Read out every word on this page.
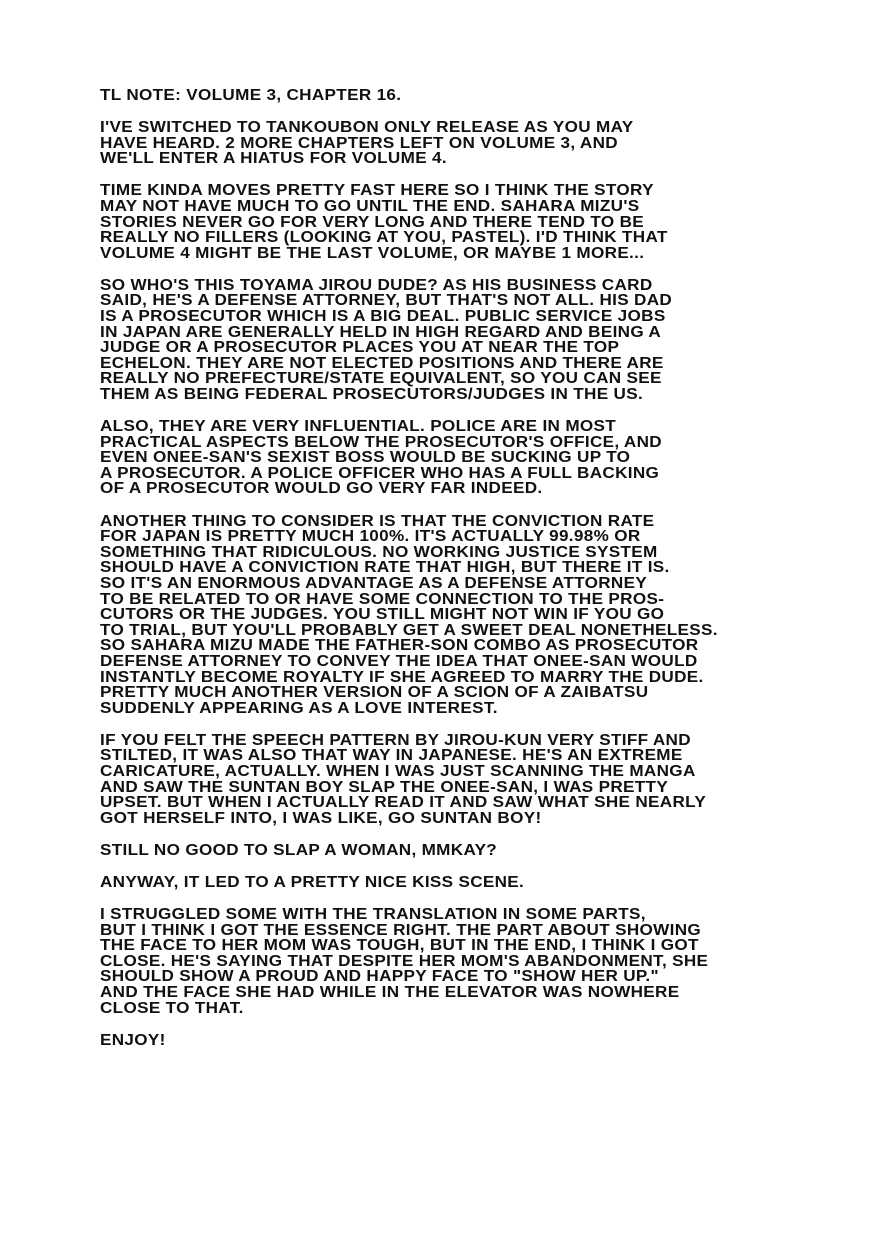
TL NOTE: VOLUME 3, CHAPTER 16.
I'VE SWITCHED TO TANKOUBON ONLY RELEASE AS YOU MAY
HAVE HEARD. 2 MORE CHAPTERS LEFT ON VOLUME 3, AND
WE'LL ENTER A HIATUS FOR VOLUME 4.
TIME KINDA MOVES PRETTY FAST HERE SO I THINK THE STORY
MAY NOT HAVE MUCH TO GO UNTIL THE END. SAHARA MIZU'S
STORIES NEVER GO FOR VERY LONG AND THERE TEND TO BE
REALLY NO FILLERS (LOOKING AT YOU, PASTEL). I'D THINK THAT
VOLUME 4 MIGHT BE THE LAST VOLUME, OR MAYBE 1 MORE...
SO WHO'S THIS TOYAMA JIROU DUDE? AS HIS BUSINESS CARD
SAID, HE'S A DEFENSE ATTORNEY, BUT THAT'S NOT ALL. HIS DAD
IS A PROSECUTOR WHICH IS A BIG DEAL. PUBLIC SERVICE JOBS
IN JAPAN ARE GENERALLY HELD IN HIGH REGARD AND BEING A
JUDGE OR A PROSECUTOR PLACES YOU AT NEAR THE TOP
ECHELON. THEY ARE NOT ELECTED POSITIONS AND THERE ARE
REALLY NO PREFECTURE/STATE EQUIVALENT, SO YOU CAN SEE
THEM AS BEING FEDERAL PROSECUTORS/JUDGES IN THE US.
ALSO, THEY ARE VERY INFLUENTIAL. POLICE ARE IN MOST
PRACTICAL ASPECTS BELOW THE PROSECUTOR'S OFFICE, AND
EVEN ONEE-SAN'S SEXIST BOSS WOULD BE SUCKING UP TO
A PROSECUTOR. A POLICE OFFICER WHO HAS A FULL BACKING
OF A PROSECUTOR WOULD GO VERY FAR INDEED.
ANOTHER THING TO CONSIDER IS THAT THE CONVICTION RATE
FOR JAPAN IS PRETTY MUCH 100%. IT'S ACTUALLY 99.98% OR
SOMETHING THAT RIDICULOUS. NO WORKING JUSTICE SYSTEM
SHOULD HAVE A CONVICTION RATE THAT HIGH, BUT THERE IT IS.
SO IT'S AN ENORMOUS ADVANTAGE AS A DEFENSE ATTORNEY
TO BE RELATED TO OR HAVE SOME CONNECTION TO THE PROS-
CUTORS OR THE JUDGES. YOU STILL MIGHT NOT WIN IF YOU GO
TO TRIAL, BUT YOU'LL PROBABLY GET A SWEET DEAL NONETHELESS.
SO SAHARA MIZU MADE THE FATHER-SON COMBO AS PROSECUTOR
DEFENSE ATTORNEY TO CONVEY THE IDEA THAT ONEE-SAN WOULD
INSTANTLY BECOME ROYALTY IF SHE AGREED TO MARRY THE DUDE.
PRETTY MUCH ANOTHER VERSION OF A SCION OF A ZAIBATSU
SUDDENLY APPEARING AS A LOVE INTEREST.
IF YOU FELT THE SPEECH PATTERN BY JIROU-KUN VERY STIFF AND
STILTED, IT WAS ALSO THAT WAY IN JAPANESE. HE'S AN EXTREME
CARICATURE, ACTUALLY. WHEN I WAS JUST SCANNING THE MANGA
AND SAW THE SUNTAN BOY SLAP THE ONEE-SAN, I WAS PRETTY
UPSET. BUT WHEN I ACTUALLY READ IT AND SAW WHAT SHE NEARLY
GOT HERSELF INTO, I WAS LIKE, GO SUNTAN BOY!
STILL NO GOOD TO SLAP A WOMAN, MMKAY?
ANYWAY, IT LED TO A PRETTY NICE KISS SCENE.
I STRUGGLED SOME WITH THE TRANSLATION IN SOME PARTS,
BUT I THINK I GOT THE ESSENCE RIGHT. THE PART ABOUT SHOWING
THE FACE TO HER MOM WAS TOUGH, BUT IN THE END, I THINK I GOT
CLOSE. HE'S SAYING THAT DESPITE HER MOM'S ABANDONMENT, SHE
SHOULD SHOW A PROUD AND HAPPY FACE TO "SHOW HER UP."
AND THE FACE SHE HAD WHILE IN THE ELEVATOR WAS NOWHERE
CLOSE TO THAT.
ENJOY!
